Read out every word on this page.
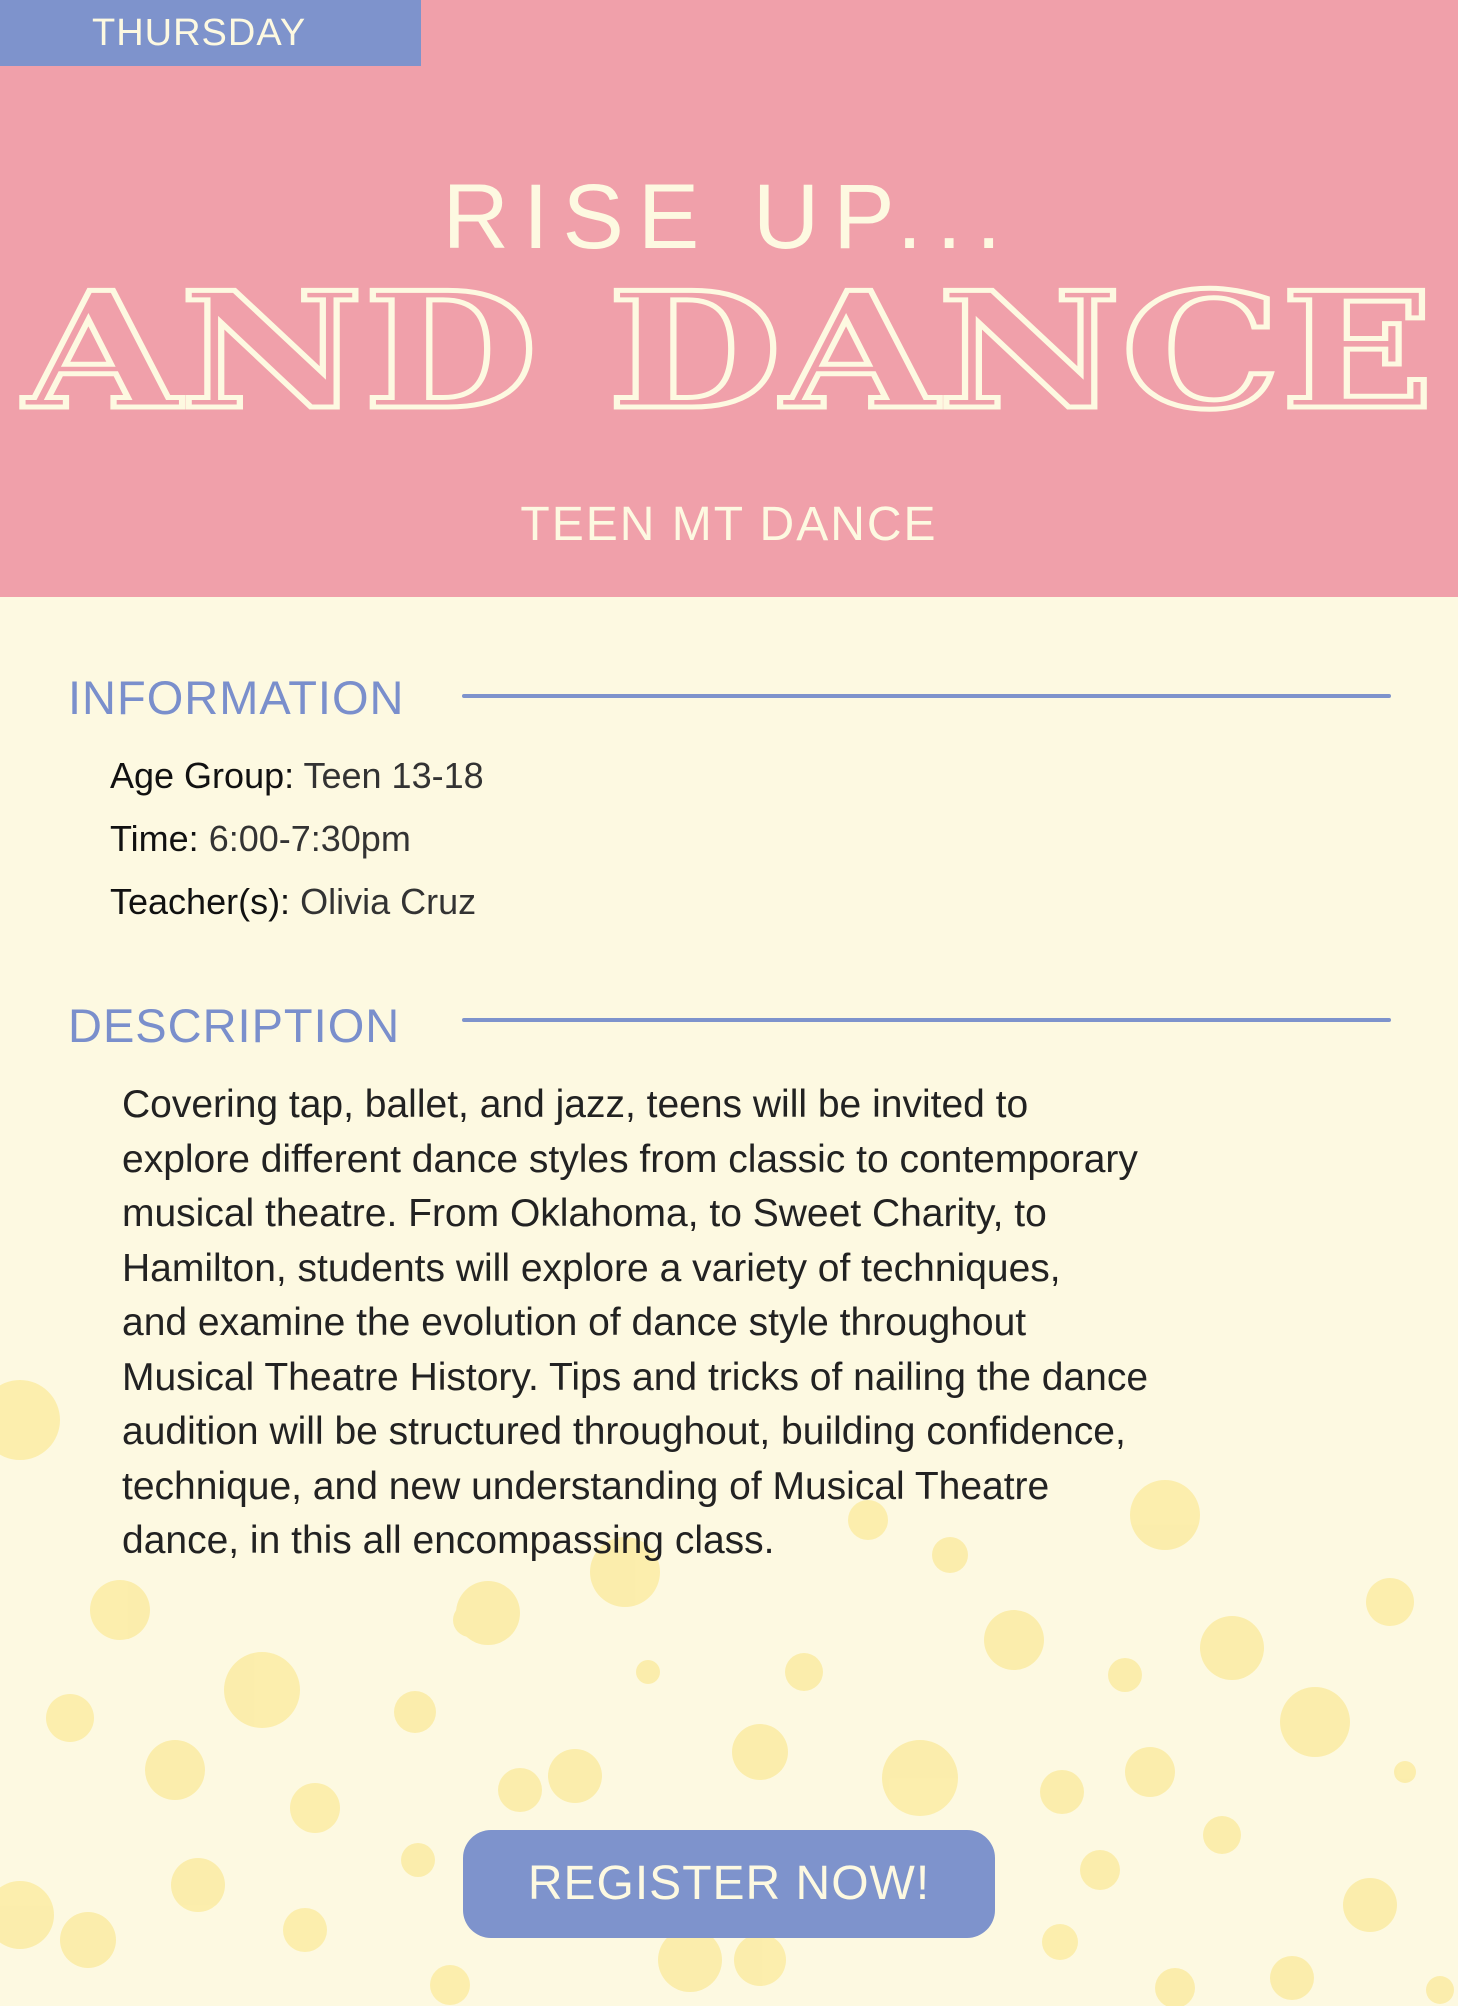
THURSDAY
RISE UP...
AND DANCE
TEEN MT DANCE
INFORMATION
Age Group: Teen 13-18
Time: 6:00-7:30pm
Teacher(s): Olivia Cruz
DESCRIPTION
Covering tap, ballet, and jazz, teens will be invited to
explore different dance styles from classic to contemporary
musical theatre. From Oklahoma, to Sweet Charity, to
Hamilton, students will explore a variety of techniques,
and examine the evolution of dance style throughout
Musical Theatre History. Tips and tricks of nailing the dance
audition will be structured throughout, building confidence,
technique, and new understanding of Musical Theatre
dance, in this all encompassing class.
REGISTER NOW!
